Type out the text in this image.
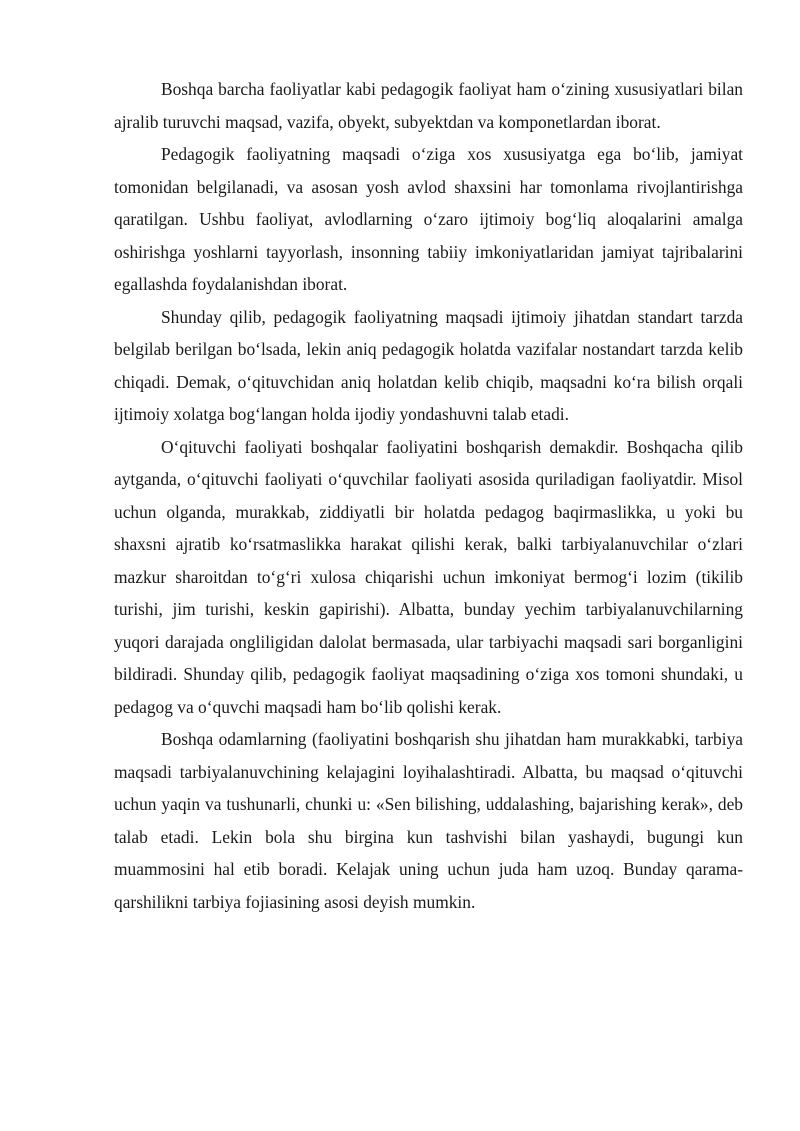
Boshqa barcha faoliyatlar kabi pedagogik faoliyat ham o‘zining xususiyatlari bilan ajralib turuvchi maqsad, vazifa, obyekt, subyektdan va komponetlardan iborat.

Pedagogik faoliyatning maqsadi o‘ziga xos xususiyatga ega bo‘lib, jamiyat tomonidan belgilanadi, va asosan yosh avlod shaxsini har tomonlama rivojlantirishga qaratilgan. Ushbu faoliyat, avlodlarning o‘zaro ijtimoiy bog‘liq aloqalarini amalga oshirishga yoshlarni tayyorlash, insonning tabiiy imkoniyatlaridan jamiyat tajribalarini egallashda foydalanishdan iborat.

Shunday qilib, pedagogik faoliyatning maqsadi ijtimoiy jihatdan standart tarzda belgilab berilgan bo‘lsada, lekin aniq pedagogik holatda vazifalar nostandart tarzda kelib chiqadi. Demak, o‘qituvchidan aniq holatdan kelib chiqib, maqsadni ko‘ra bilish orqali ijtimoiy xolatga bog‘langan holda ijodiy yondashuvni talab etadi.

O‘qituvchi faoliyati boshqalar faoliyatini boshqarish demakdir. Boshqacha qilib aytganda, o‘qituvchi faoliyati o‘quvchilar faoliyati asosida quriladigan faoliyatdir. Misol uchun olganda, murakkab, ziddiyatli bir holatda pedagog baqirmaslikka, u yoki bu shaxsni ajratib ko‘rsatmaslikka harakat qilishi kerak, balki tarbiyalanuvchilar o‘zlari mazkur sharoitdan to‘g‘ri xulosa chiqarishi uchun imkoniyat bermog‘i lozim (tikilib turishi, jim turishi, keskin gapirishi). Albatta, bunday yechim tarbiyalanuvchilarning yuqori darajada ongliligidan dalolat bermasada, ular tarbiyachi maqsadi sari borganligini bildiradi. Shunday qilib, pedagogik faoliyat maqsadining o‘ziga xos tomoni shundaki, u pedagog va o‘quvchi maqsadi ham bo‘lib qolishi kerak.

Boshqa odamlarning (faoliyatini boshqarish shu jihatdan ham murakkabki, tarbiya maqsadi tarbiyalanuvchining kelajagini loyihalashtiradi. Albatta, bu maqsad o‘qituvchi uchun yaqin va tushunarli, chunki u: «Sen bilishing, uddalashing, bajarishing kerak», deb talab etadi. Lekin bola shu birgina kun tashvishi bilan yashaydi, bugungi kun muammosini hal etib boradi. Kelajak uning uchun juda ham uzoq. Bunday qarama-qarshilikni tarbiya fojiasining asosi deyish mumkin.
